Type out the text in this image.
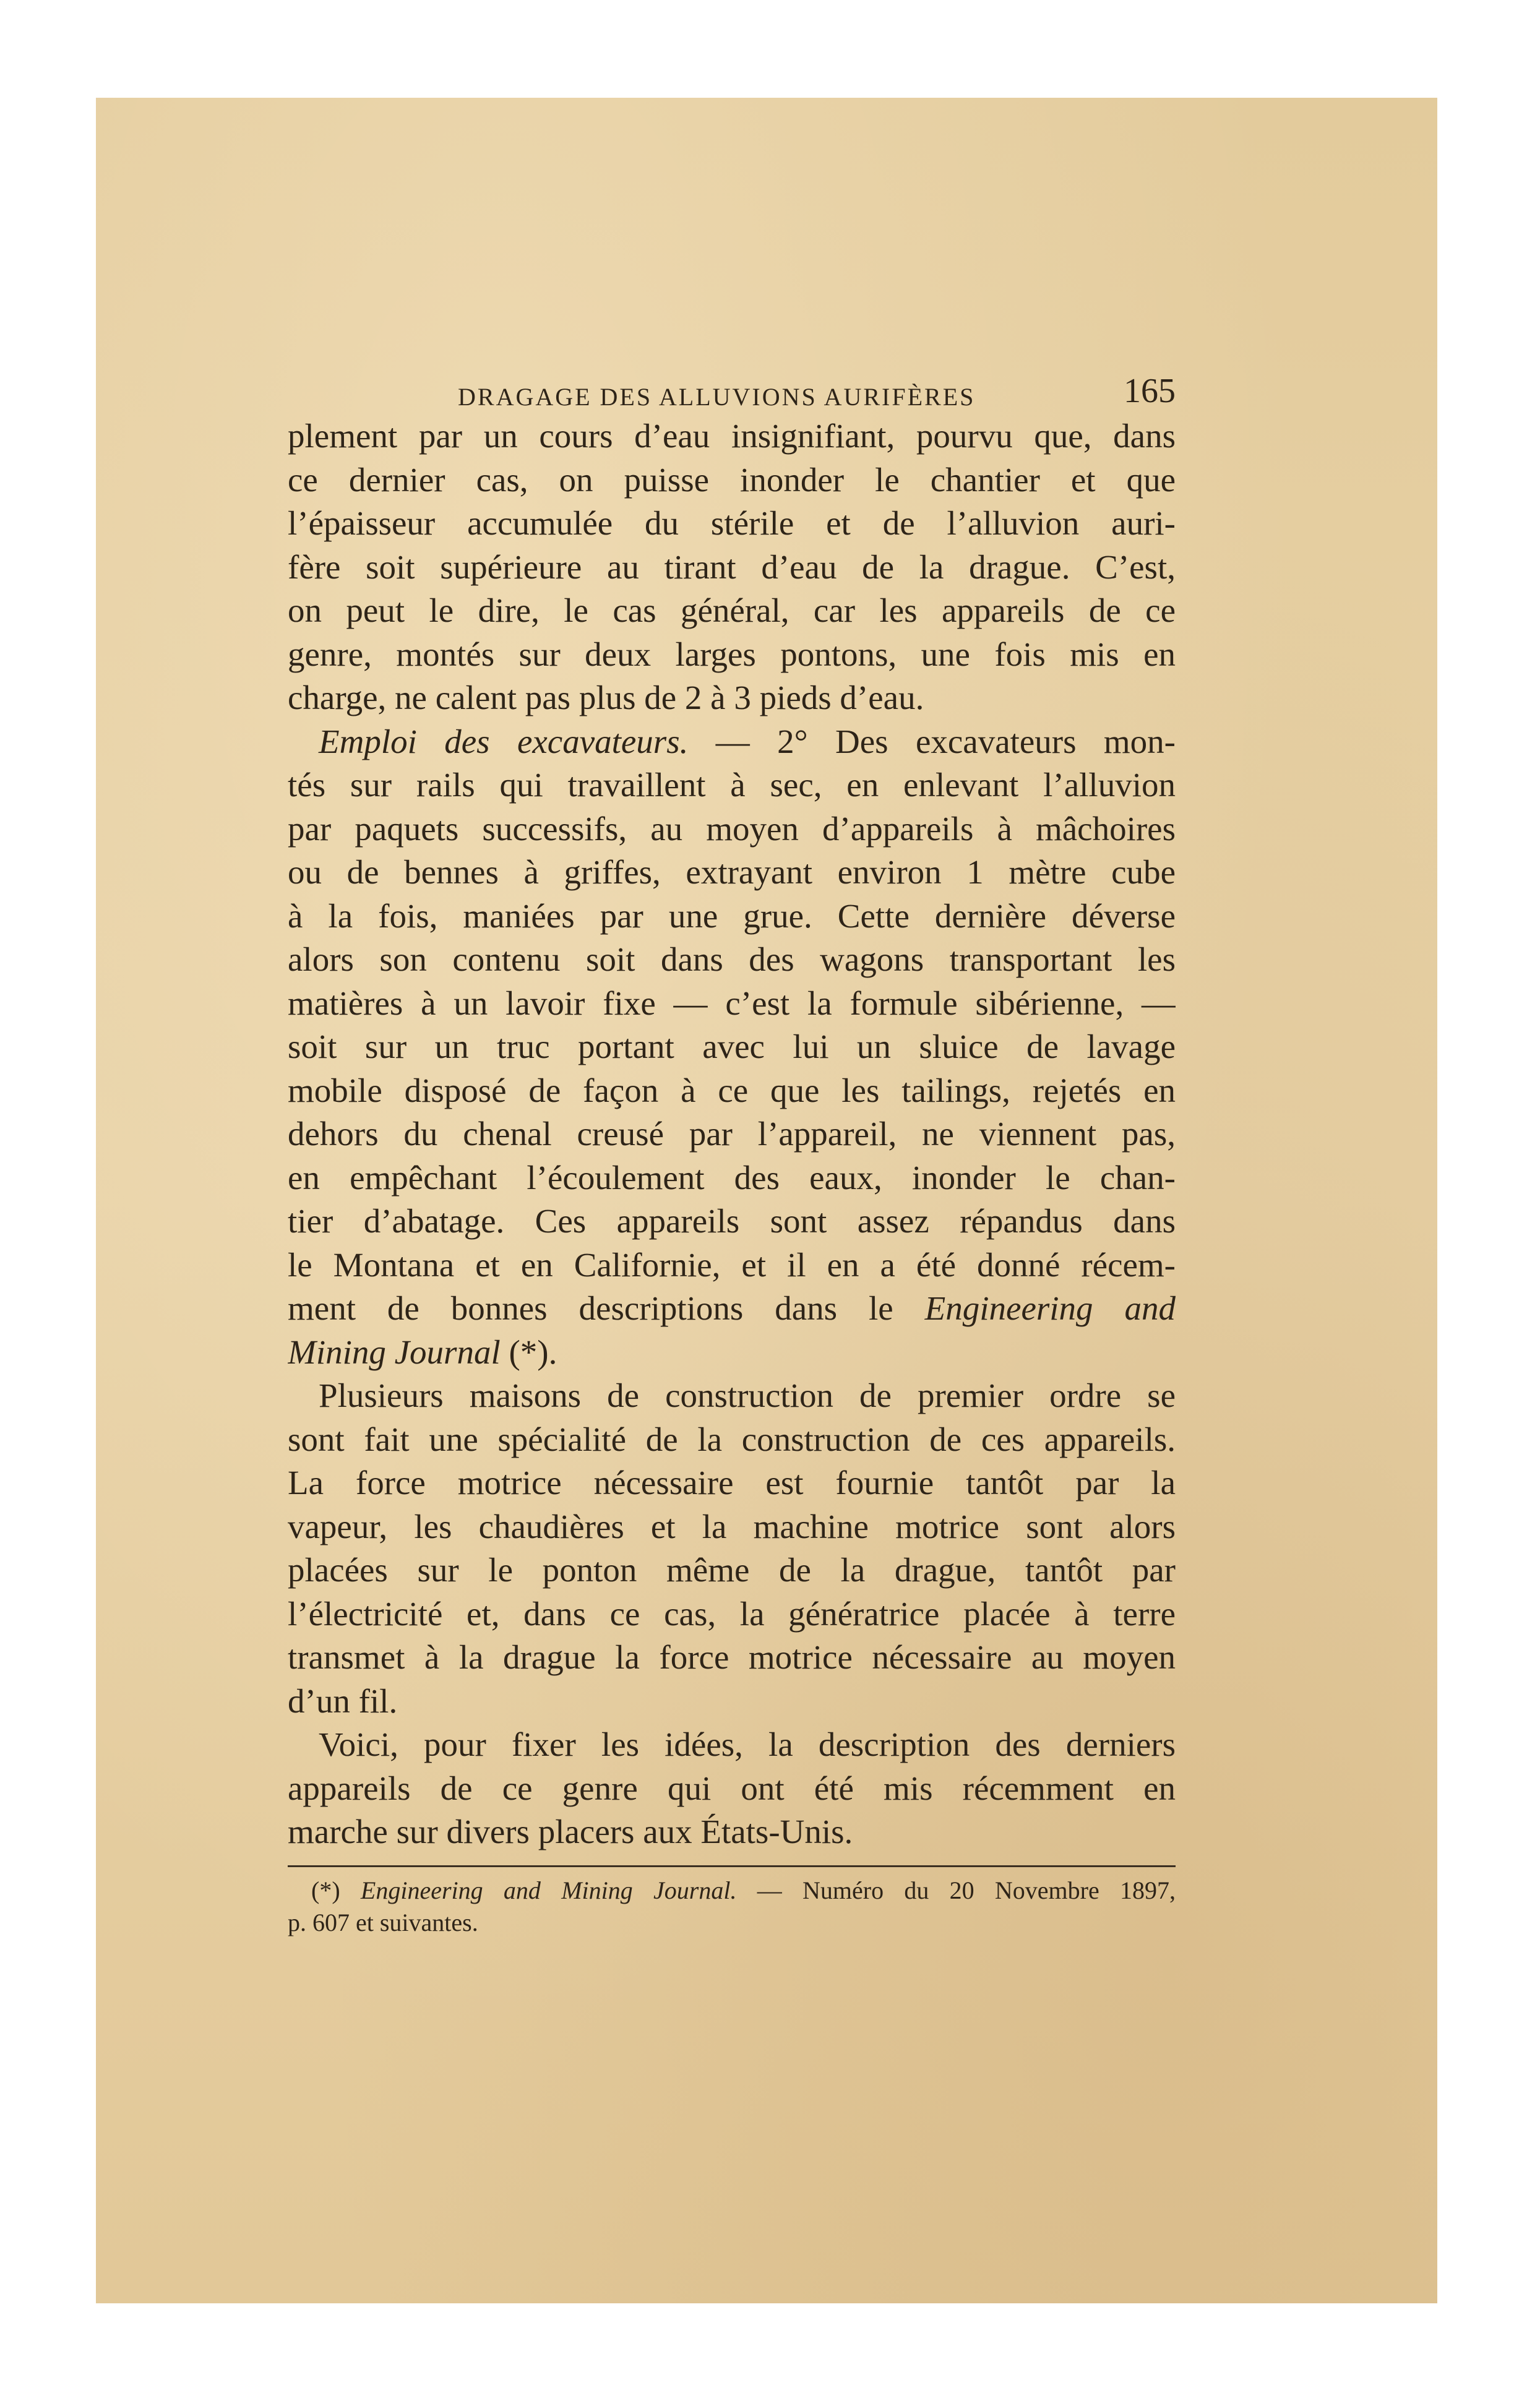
DRAGAGE DES ALLUVIONS AURIFÈRES	165
plement par un cours d’eau insignifiant, pourvu que, dans
ce dernier cas, on puisse inonder le chantier et que
l’épaisseur accumulée du stérile et de l’alluvion auri-
fère soit supérieure au tirant d’eau de la drague. C’est,
on peut le dire, le cas général, car les appareils de ce
genre, montés sur deux larges pontons, une fois mis en
charge, ne calent pas plus de 2 à 3 pieds d’eau.
Emploi des excavateurs. — 2° Des excavateurs mon-
tés sur rails qui travaillent à sec, en enlevant l’alluvion
par paquets successifs, au moyen d’appareils à mâchoires
ou de bennes à griffes, extrayant environ 1 mètre cube
à la fois, maniées par une grue. Cette dernière déverse
alors son contenu soit dans des wagons transportant les
matières à un lavoir fixe — c’est la formule sibérienne, —
soit sur un truc portant avec lui un sluice de lavage
mobile disposé de façon à ce que les tailings, rejetés en
dehors du chenal creusé par l’appareil, ne viennent pas,
en empêchant l’écoulement des eaux, inonder le chan-
tier d’abatage. Ces appareils sont assez répandus dans
le Montana et en Californie, et il en a été donné récem-
ment de bonnes descriptions dans le Engineering and
Mining Journal (*).
Plusieurs maisons de construction de premier ordre se
sont fait une spécialité de la construction de ces appareils.
La force motrice nécessaire est fournie tantôt par la
vapeur, les chaudières et la machine motrice sont alors
placées sur le ponton même de la drague, tantôt par
l’électricité et, dans ce cas, la génératrice placée à terre
transmet à la drague la force motrice nécessaire au moyen
d’un fil.
Voici, pour fixer les idées, la description des derniers
appareils de ce genre qui ont été mis récemment en
marche sur divers placers aux États-Unis.
(*) Engineering and Mining Journal. — Numéro du 20 Novembre 1897,
p. 607 et suivantes.
